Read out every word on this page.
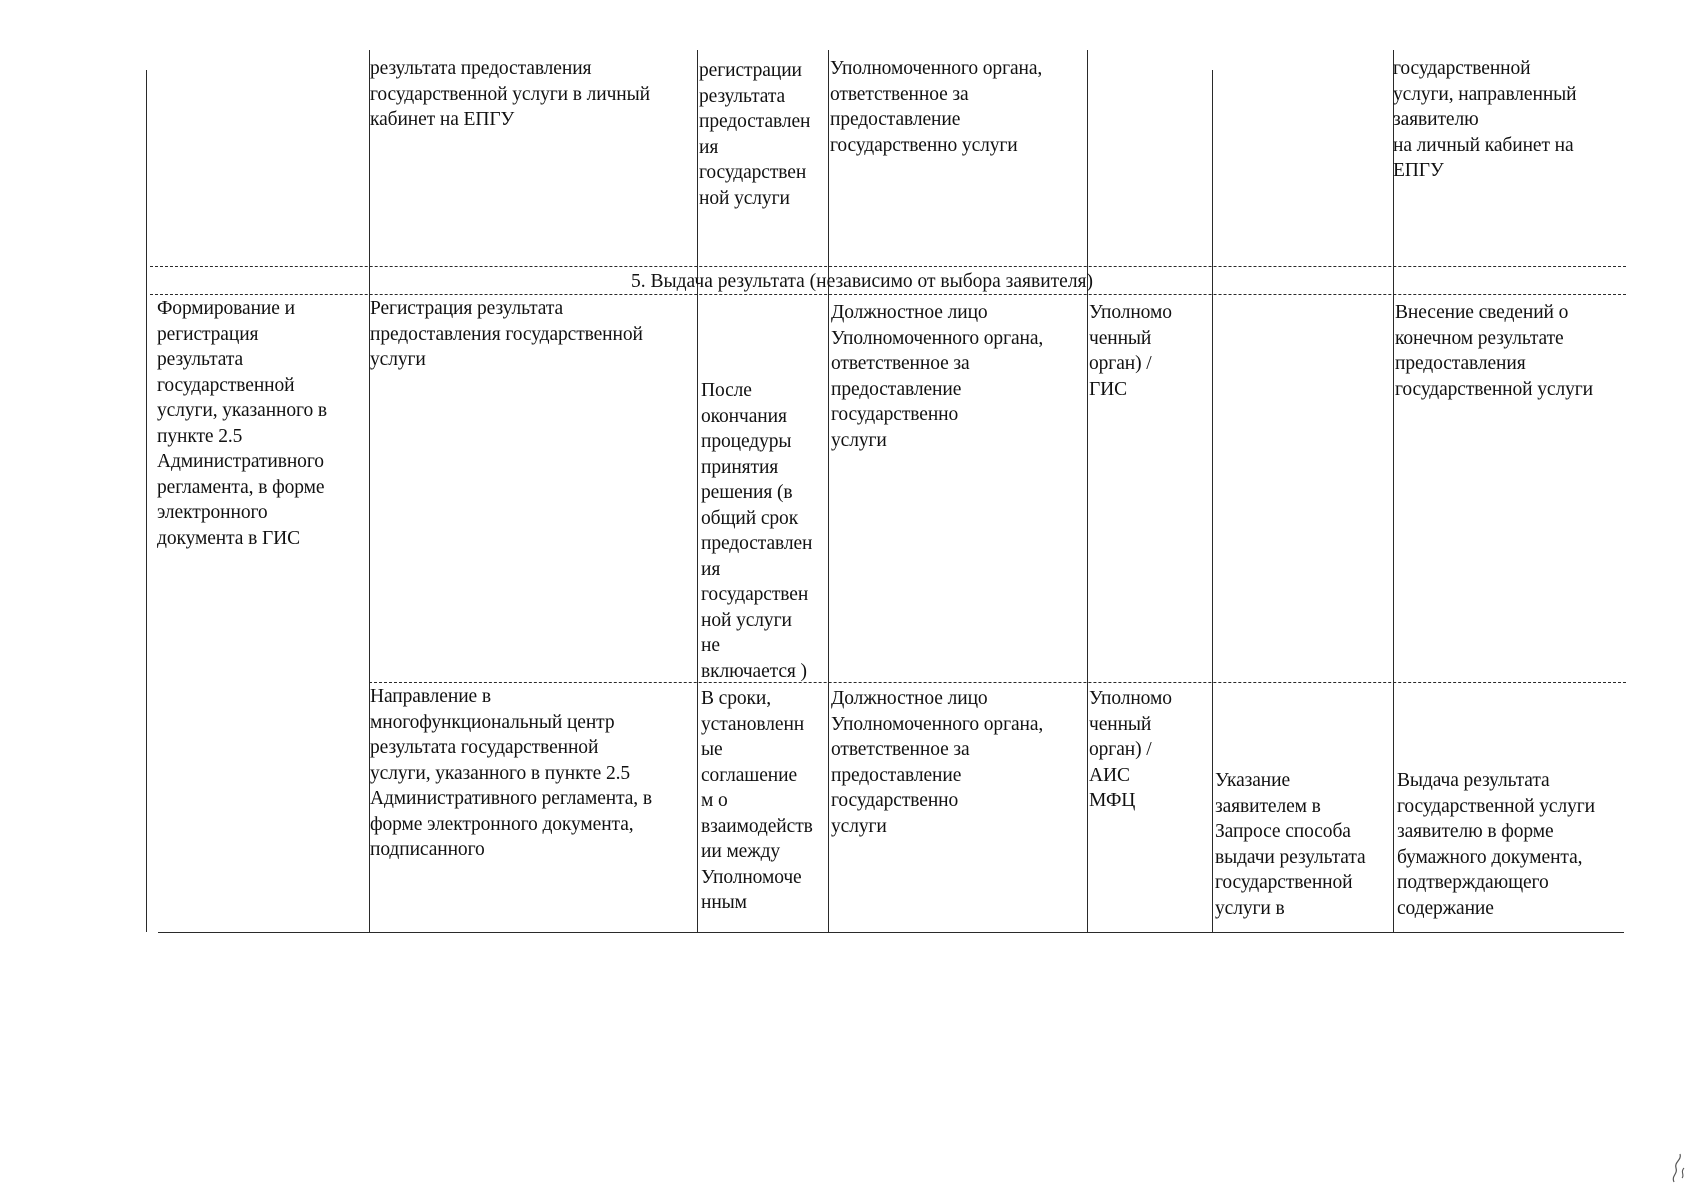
результата предоставления
государственной услуги в личный
кабинет на ЕПГУ
регистрации
результата
предоставлен
ия
государствен
ной услуги
Уполномоченного органа,
ответственное за
предоставление
государственно услуги
государственной
услуги, направленный
заявителю
на личный кабинет на
ЕПГУ
5. Выдача результата (независимо от выбора заявителя)
Формирование и
регистрация
результата
государственной
услуги, указанного в
пункте 2.5
Административного
регламента, в форме
электронного
документа в ГИС
Регистрация результата
предоставления государственной
услуги
После
окончания
процедуры
принятия
решения (в
общий срок
предоставлен
ия
государствен
ной услуги
не
включается )
Должностное лицо
Уполномоченного органа,
ответственное за
предоставление
государственно
услуги
Уполномо
ченный
орган) /
ГИС
Внесение сведений о
конечном результате
предоставления
государственной услуги
Направление в
многофункциональный центр
результата государственной
услуги, указанного в пункте 2.5
Административного регламента, в
форме электронного документа,
подписанного
В сроки,
установленн
ые
соглашение
м о
взаимодейств
ии между
Уполномоче
нным
Должностное лицо
Уполномоченного органа,
ответственное за
предоставление
государственно
услуги
Уполномо
ченный
орган) /
АИС
МФЦ
Указание
заявителем в
Запросе способа
выдачи результата
государственной
услуги в
Выдача результата
государственной услуги
заявителю в форме
бумажного документа,
подтверждающего
содержание
